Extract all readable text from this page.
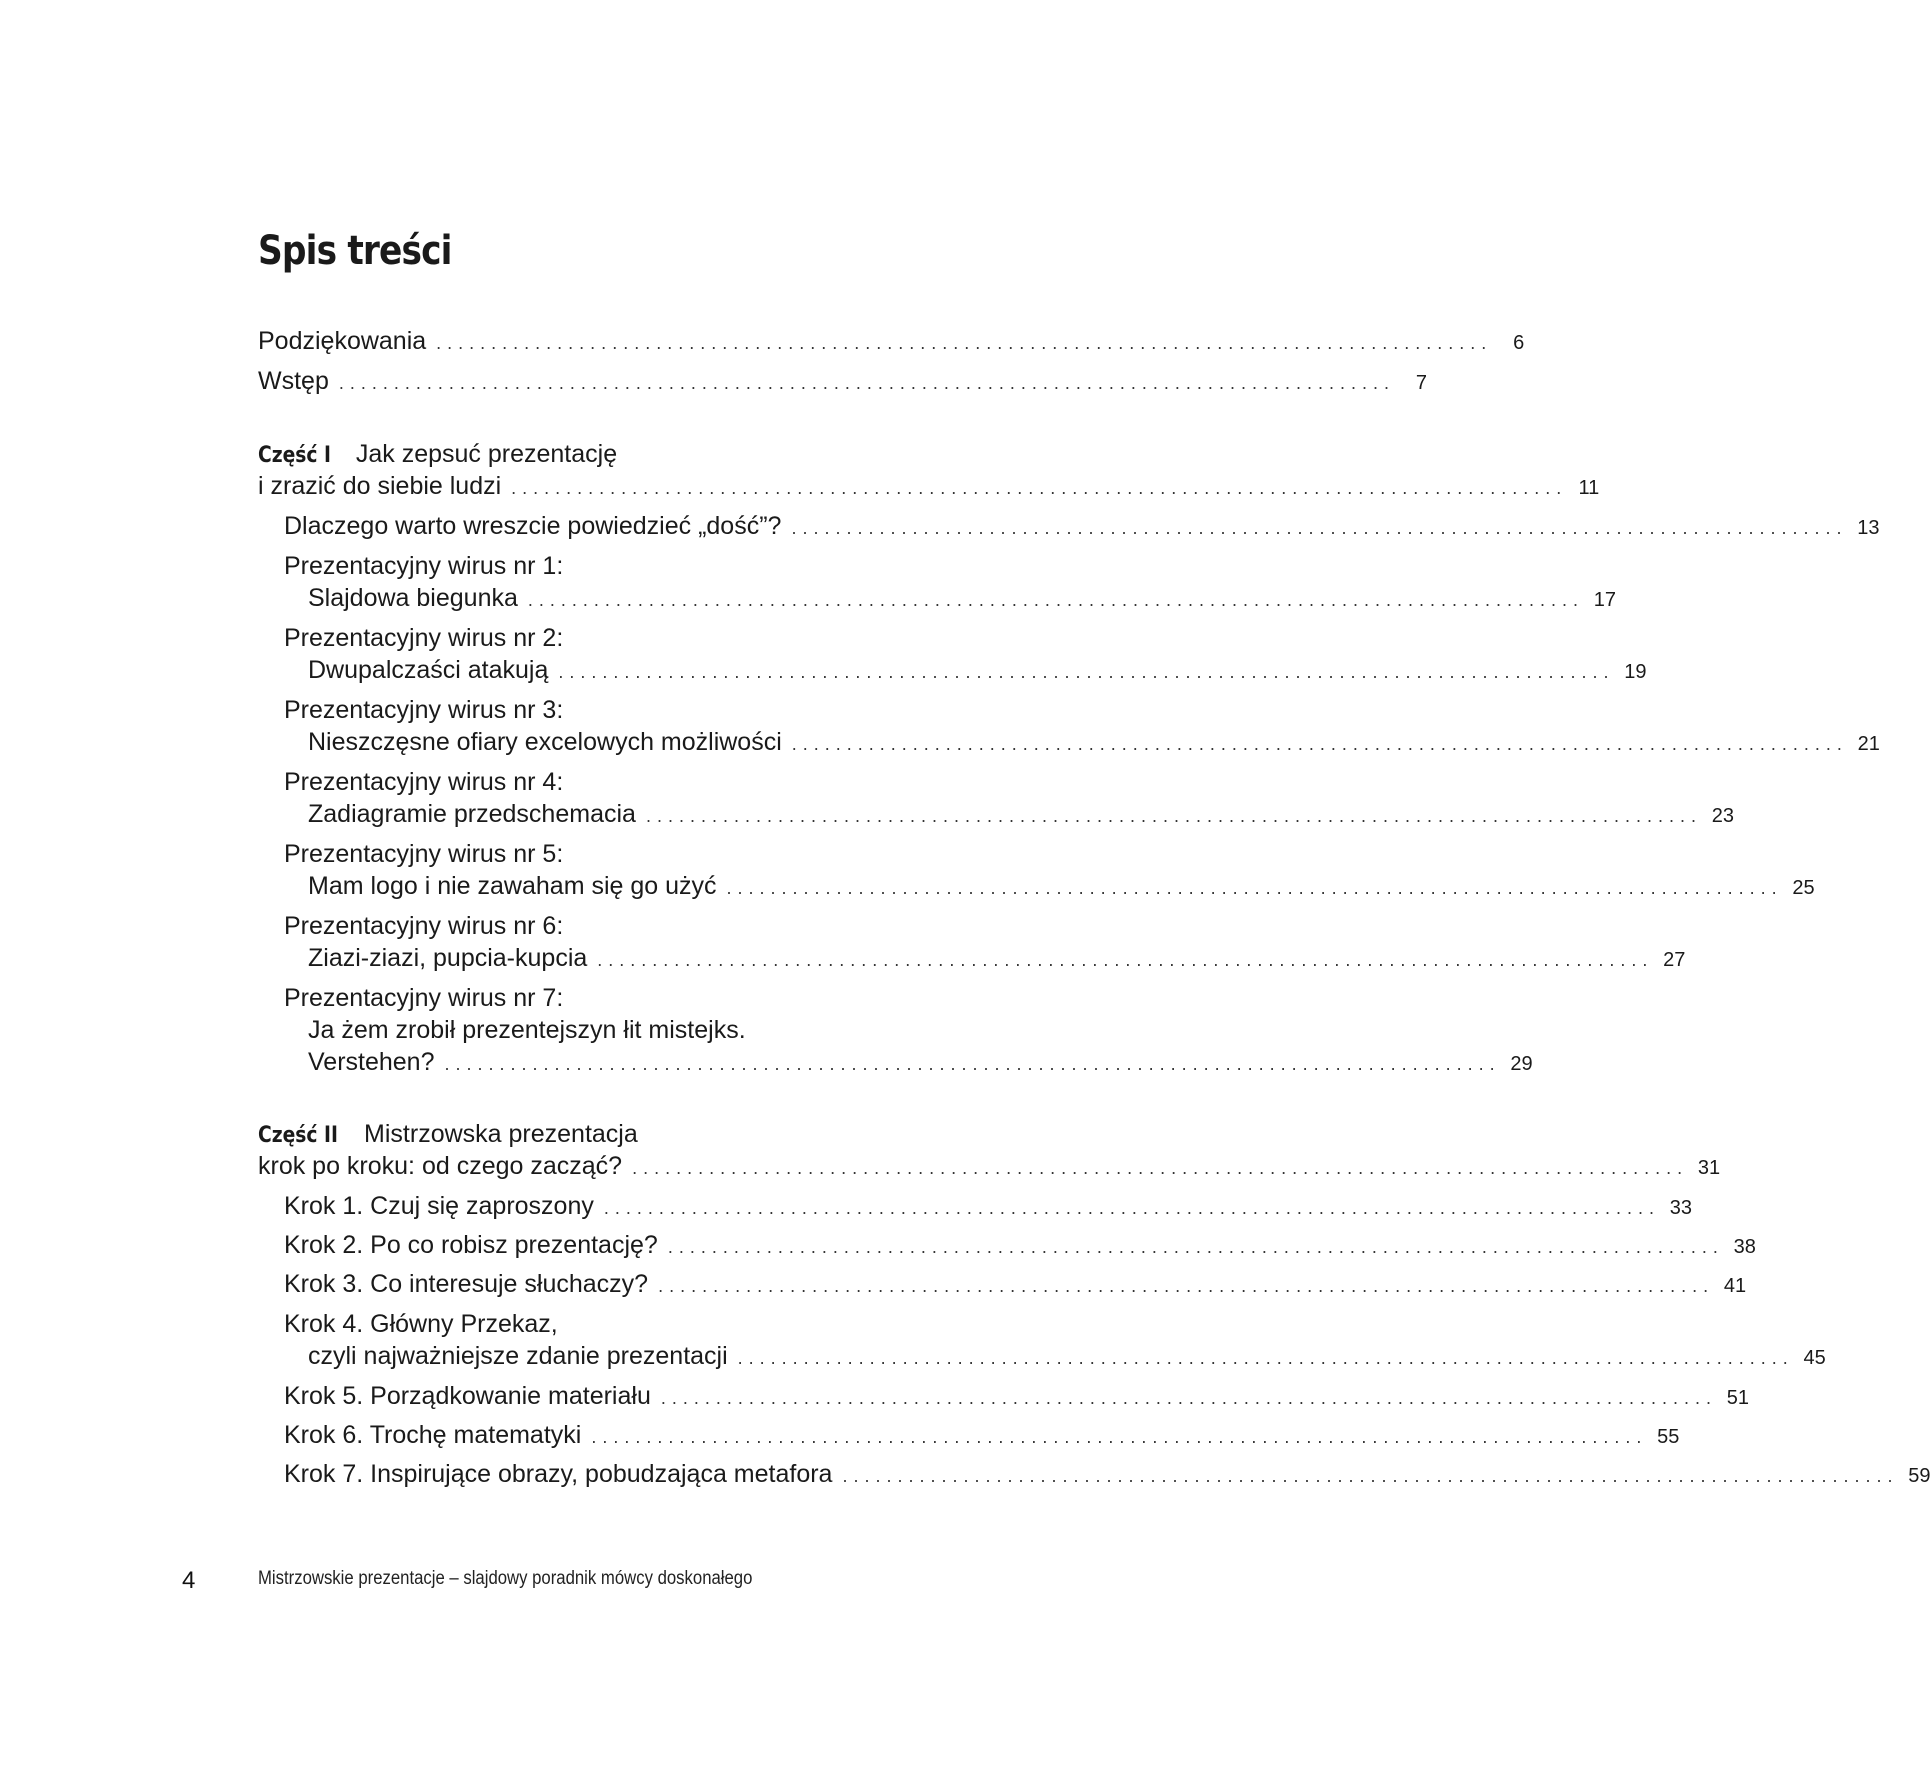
Spis treści
Podziękowania ................................................................................................	6
Wstęp ................................................................................................	7
Część I Jak zepsuć prezentację
i zrazić do siebie ludzi ................................................................................................ 11
Dlaczego warto wreszcie powiedzieć „dość”? ................................................................................................ 13
Prezentacyjny wirus nr 1:
Slajdowa biegunka ................................................................................................ 17
Prezentacyjny wirus nr 2:
Dwupalczaści atakują ................................................................................................ 19
Prezentacyjny wirus nr 3:
Nieszczęsne ofiary excelowych możliwości ................................................................................................ 21
Prezentacyjny wirus nr 4:
Zadiagramie przedschemacia ................................................................................................ 23
Prezentacyjny wirus nr 5:
Mam logo i nie zawaham się go użyć ................................................................................................ 25
Prezentacyjny wirus nr 6:
Ziazi-ziazi, pupcia-kupcia ................................................................................................ 27
Prezentacyjny wirus nr 7:
Ja żem zrobił prezentejszyn łit mistejks.
Verstehen? ................................................................................................ 29
Część II Mistrzowska prezentacja
krok po kroku: od czego zacząć? ................................................................................................ 31
Krok 1. Czuj się zaproszony ................................................................................................ 33
Krok 2. Po co robisz prezentację? ................................................................................................ 38
Krok 3. Co interesuje słuchaczy? ................................................................................................ 41
Krok 4. Główny Przekaz,
czyli najważniejsze zdanie prezentacji ................................................................................................ 45
Krok 5. Porządkowanie materiału ................................................................................................ 51
Krok 6. Trochę matematyki ................................................................................................ 55
Krok 7. Inspirujące obrazy, pobudzająca metafora ................................................................................................ 59
4	Mistrzowskie prezentacje – slajdowy poradnik mówcy doskonałego
